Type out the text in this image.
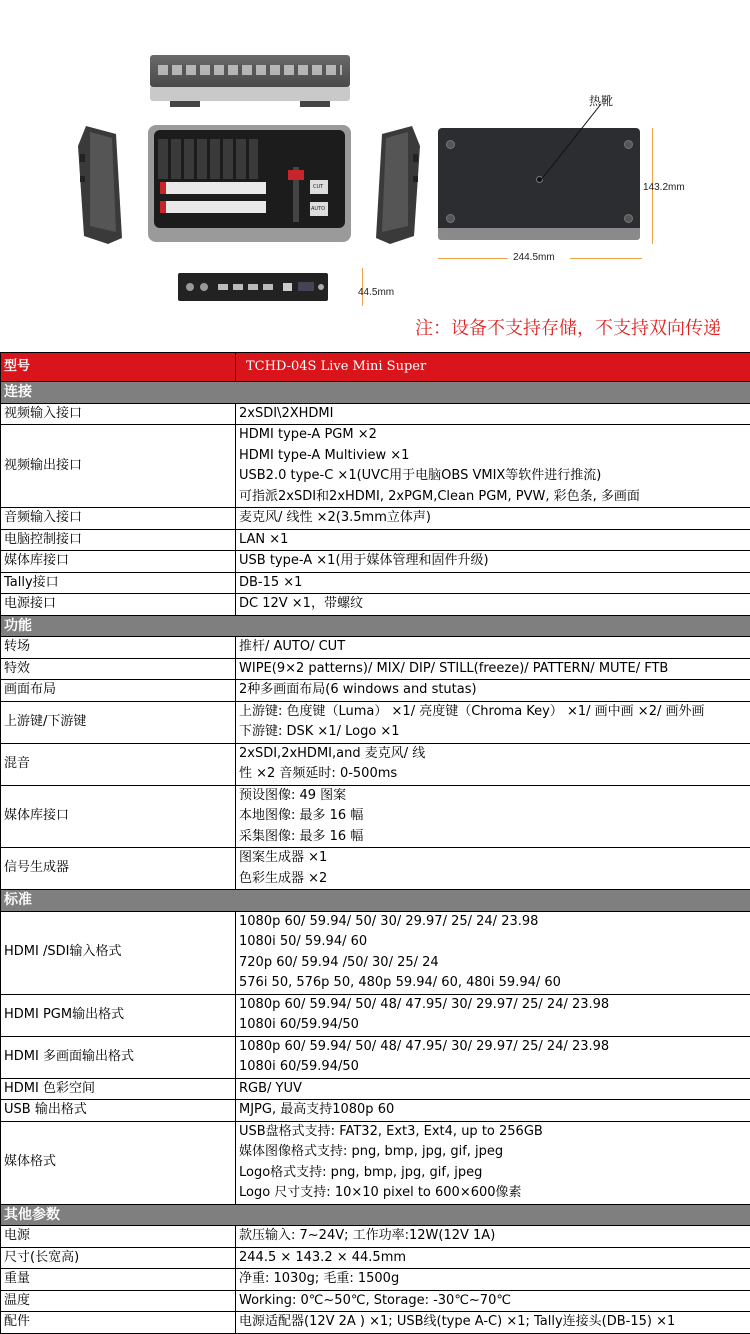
CUT
AUTO
热靴
143.2mm
244.5mm
44.5mm
注：设备不支持存储，不支持双向传递
型号	TCHD-04S Live Mini Super
连接	
视频输入接口	2xSDI\2XHDMI

视频输出接口	HDMI type-A PGM ×2
HDMI type-A Multiview ×1
USB2.0 type-C ×1(UVC用于电脑OBS VMIX等软件进行推流)
可指派2xSDI和2xHDMI, 2xPGM,Clean PGM, PVW, 彩色条, 多画面

音频输入接口	麦克风/ 线性 ×2(3.5mm立体声)

电脑控制接口	LAN ×1

媒体库接口	USB type-A ×1(用于媒体管理和固件升级)

Tally接口	DB-15 ×1

电源接口	DC 12V ×1，带螺纹

功能	
转场	推杆/ AUTO/ CUT

特效	WIPE(9×2 patterns)/ MIX/ DIP/ STILL(freeze)/ PATTERN/ MUTE/ FTB

画面布局	2种多画面布局(6 windows and stutas)

上游键/下游键	上游键: 色度键（Luma） ×1/ 亮度键（Chroma Key） ×1/ 画中画 ×2/ 画外画
下游键: DSK ×1/ Logo ×1

混音	2xSDI,2xHDMI,and 麦克风/ 线
性 ×2 音频延时: 0-500ms

媒体库接口	预设图像: 49 图案
本地图像: 最多 16 幅
采集图像: 最多 16 幅

信号生成器	图案生成器 ×1
色彩生成器 ×2

标准	
HDMI /SDI输入格式	1080p 60/ 59.94/ 50/ 30/ 29.97/ 25/ 24/ 23.98
1080i 50/ 59.94/ 60
720p 60/ 59.94 /50/ 30/ 25/ 24
576i 50, 576p 50, 480p 59.94/ 60, 480i 59.94/ 60

HDMI PGM输出格式	1080p 60/ 59.94/ 50/ 48/ 47.95/ 30/ 29.97/ 25/ 24/ 23.98
1080i 60/59.94/50

HDMI 多画面输出格式	1080p 60/ 59.94/ 50/ 48/ 47.95/ 30/ 29.97/ 25/ 24/ 23.98
1080i 60/59.94/50

HDMI 色彩空间	RGB/ YUV

USB 输出格式	MJPG, 最高支持1080p 60

媒体格式	USB盘格式支持: FAT32, Ext3, Ext4, up to 256GB
媒体图像格式支持: png, bmp, jpg, gif, jpeg
Logo格式支持: png, bmp, jpg, gif, jpeg
Logo 尺寸支持: 10×10 pixel to 600×600像素

其他参数	
电源	款压输入: 7~24V; 工作功率:12W(12V 1A)

尺寸(长宽高)	244.5 × 143.2 × 44.5mm

重量	净重: 1030g; 毛重: 1500g

温度	Working: 0℃~50℃, Storage: -30℃~70℃

配件	电源适配器(12V 2A ) ×1; USB线(type A-C) ×1; Tally连接头(DB-15) ×1
